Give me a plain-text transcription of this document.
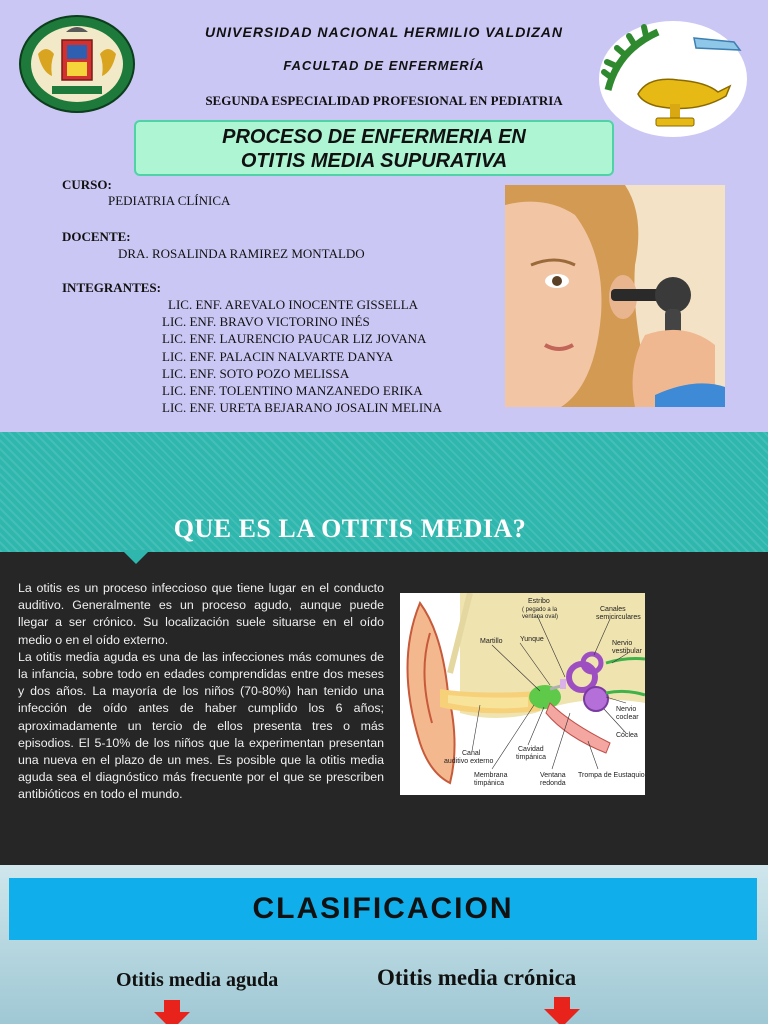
UNIVERSIDAD NACIONAL HERMILIO VALDIZAN
FACULTAD DE ENFERMERÍA
SEGUNDA ESPECIALIDAD PROFESIONAL EN PEDIATRIA
PROCESO DE ENFERMERIA EN
OTITIS MEDIA SUPURATIVA
CURSO:
PEDIATRIA CLÍNICA
DOCENTE:
DRA. ROSALINDA RAMIREZ MONTALDO
INTEGRANTES:
LIC. ENF. AREVALO INOCENTE GISSELLA
LIC. ENF. BRAVO VICTORINO INÉS
LIC. ENF. LAURENCIO PAUCAR LIZ JOVANA
LIC. ENF. PALACIN NALVARTE DANYA
LIC. ENF. SOTO POZO MELISSA
LIC. ENF. TOLENTINO MANZANEDO ERIKA
LIC. ENF. URETA BEJARANO JOSALIN MELINA
QUE ES LA OTITIS MEDIA?

La otitis es un proceso infeccioso que tiene lugar en el conducto auditivo. Generalmente es un proceso agudo, aunque puede llegar a ser crónico. Su localización suele situarse en el oído medio o en el oído externo.

La otitis media aguda es una de las infecciones más comunes de la infancia, sobre todo en edades comprendidas entre dos meses y dos años. La mayoría de los niños (70-80%) han tenido una infección de oído antes de haber cumplido los 6 años; aproximadamente un tercio de ellos presenta tres o más episodios. El 5-10% de los niños que la experimentan presentan una nueva en el plazo de un mes. Es posible que la otitis media aguda sea el diagnóstico más frecuente por el que se prescriben antibióticos en todo el mundo.

Estribo
( pegado a la
ventana oval)
Canales
semicirculares
Yunque
Martillo	Nervio
vestibular
Nervio
coclear
Cóclea
Canal
auditivo externo
Cavidad
timpánica
Membrana
timpánica
Ventana
redonda
Trompa de Eustaquio
CLASIFICACION
Otitis media aguda	Otitis media crónica
